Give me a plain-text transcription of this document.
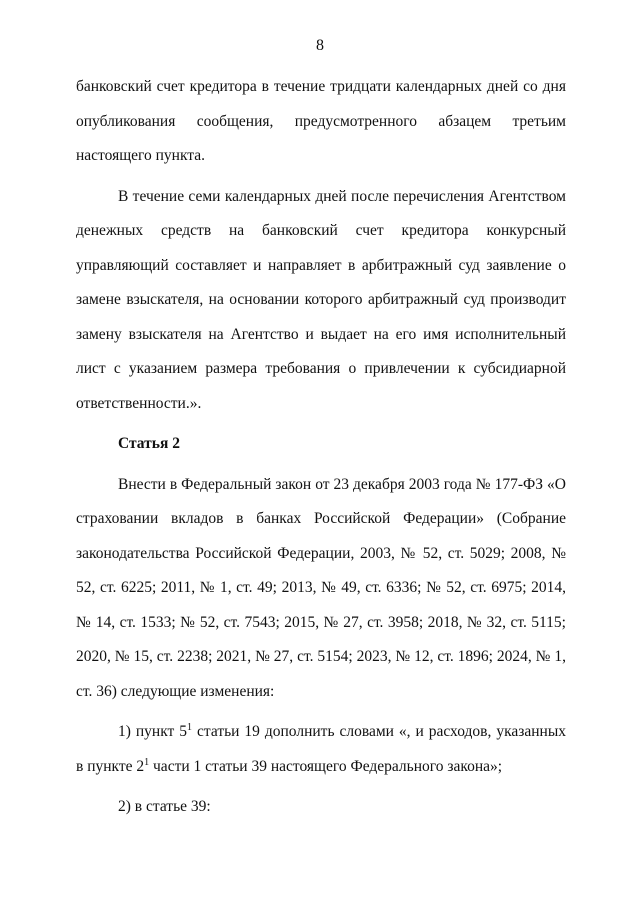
8

банковский счет кредитора в течение тридцати календарных дней со дня опубликования сообщения, предусмотренного абзацем третьим настоящего пункта.

В течение семи календарных дней после перечисления Агентством денежных средств на банковский счет кредитора конкурсный управляющий составляет и направляет в арбитражный суд заявление о замене взыскателя, на основании которого арбитражный суд производит замену взыскателя на Агентство и выдает на его имя исполнительный лист с указанием размера требования о привлечении к субсидиарной ответственности.».

Статья 2

Внести в Федеральный закон от 23 декабря 2003 года № 177-ФЗ «О страховании вкладов в банках Российской Федерации» (Собрание законодательства Российской Федерации, 2003, № 52, ст. 5029; 2008, № 52, ст. 6225; 2011, № 1, ст. 49; 2013, № 49, ст. 6336; № 52, ст. 6975; 2014, № 14, ст. 1533; № 52, ст. 7543; 2015, № 27, ст. 3958; 2018, № 32, ст. 5115; 2020, № 15, ст. 2238; 2021, № 27, ст. 5154; 2023, № 12, ст. 1896; 2024, № 1, ст. 36) следующие изменения:

1) пункт $5^1$ статьи 19 дополнить словами «, и расходов, указанных в пункте $2^1$ части 1 статьи 39 настоящего Федерального закона»;

2) в статье 39:
